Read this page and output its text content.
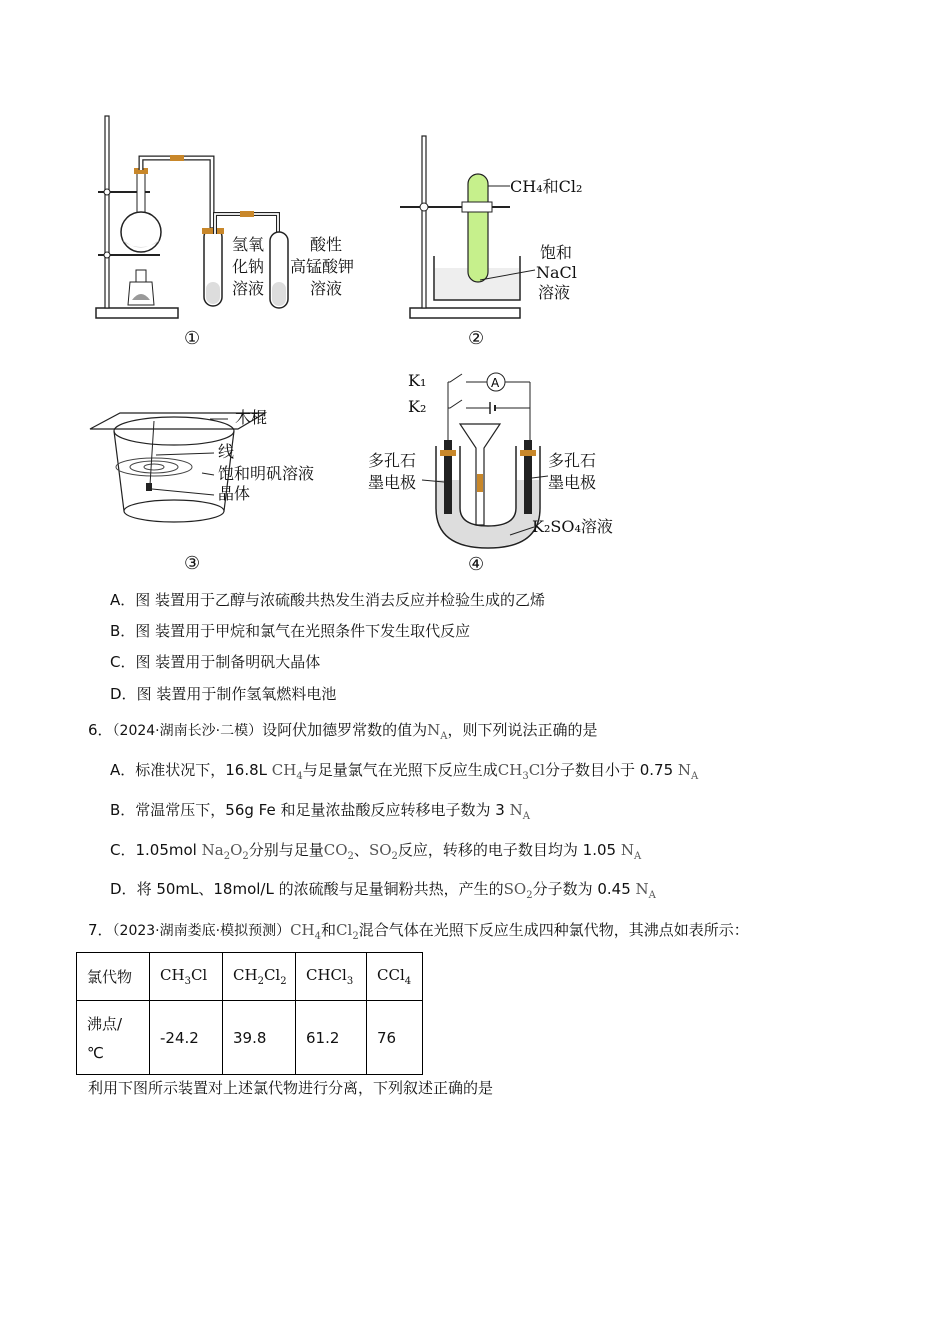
氢氧
化钠
溶液
酸性
高锰酸钾
溶液
①
CH₄和Cl₂
饱和
NaCl
溶液
②
木棍
线
饱和明矾溶液
晶体
③
K₁
K₂
A
多孔石
墨电极
多孔石
墨电极
K₂SO₄溶液
④
A．图 装置用于乙醇与浓硫酸共热发生消去反应并检验生成的乙烯
B．图 装置用于甲烷和氯气在光照条件下发生取代反应
C．图 装置用于制备明矾大晶体
D．图 装置用于制作氢氧燃料电池
6．（2024·湖南长沙·二模）设阿伏加德罗常数的值为$N_A$，则下列说法正确的是
A．标准状况下，16.8L $CH_4$与足量氯气在光照下反应生成$CH_3Cl$分子数目小于 0.75 $N_A$
B．常温常压下，56g Fe 和足量浓盐酸反应转移电子数为 3 $N_A$
C．1.05mol $Na_2O_2$分别与足量$CO_2$、$SO_2$反应，转移的电子数目均为 1.05 $N_A$
D．将 50mL、18mol/L 的浓硫酸与足量铜粉共热，产生的$SO_2$分子数为 0.45 $N_A$
7．（2023·湖南娄底·模拟预测）$CH_4$和$Cl_2$混合气体在光照下反应生成四种氯代物，其沸点如表所示：
氯代物	$CH_3Cl$	$CH_2Cl_2$	CHCl$_3$	CCl$_4$

沸点/
℃	-24.2	39.8	61.2	76
利用下图所示装置对上述氯代物进行分离，下列叙述正确的是
